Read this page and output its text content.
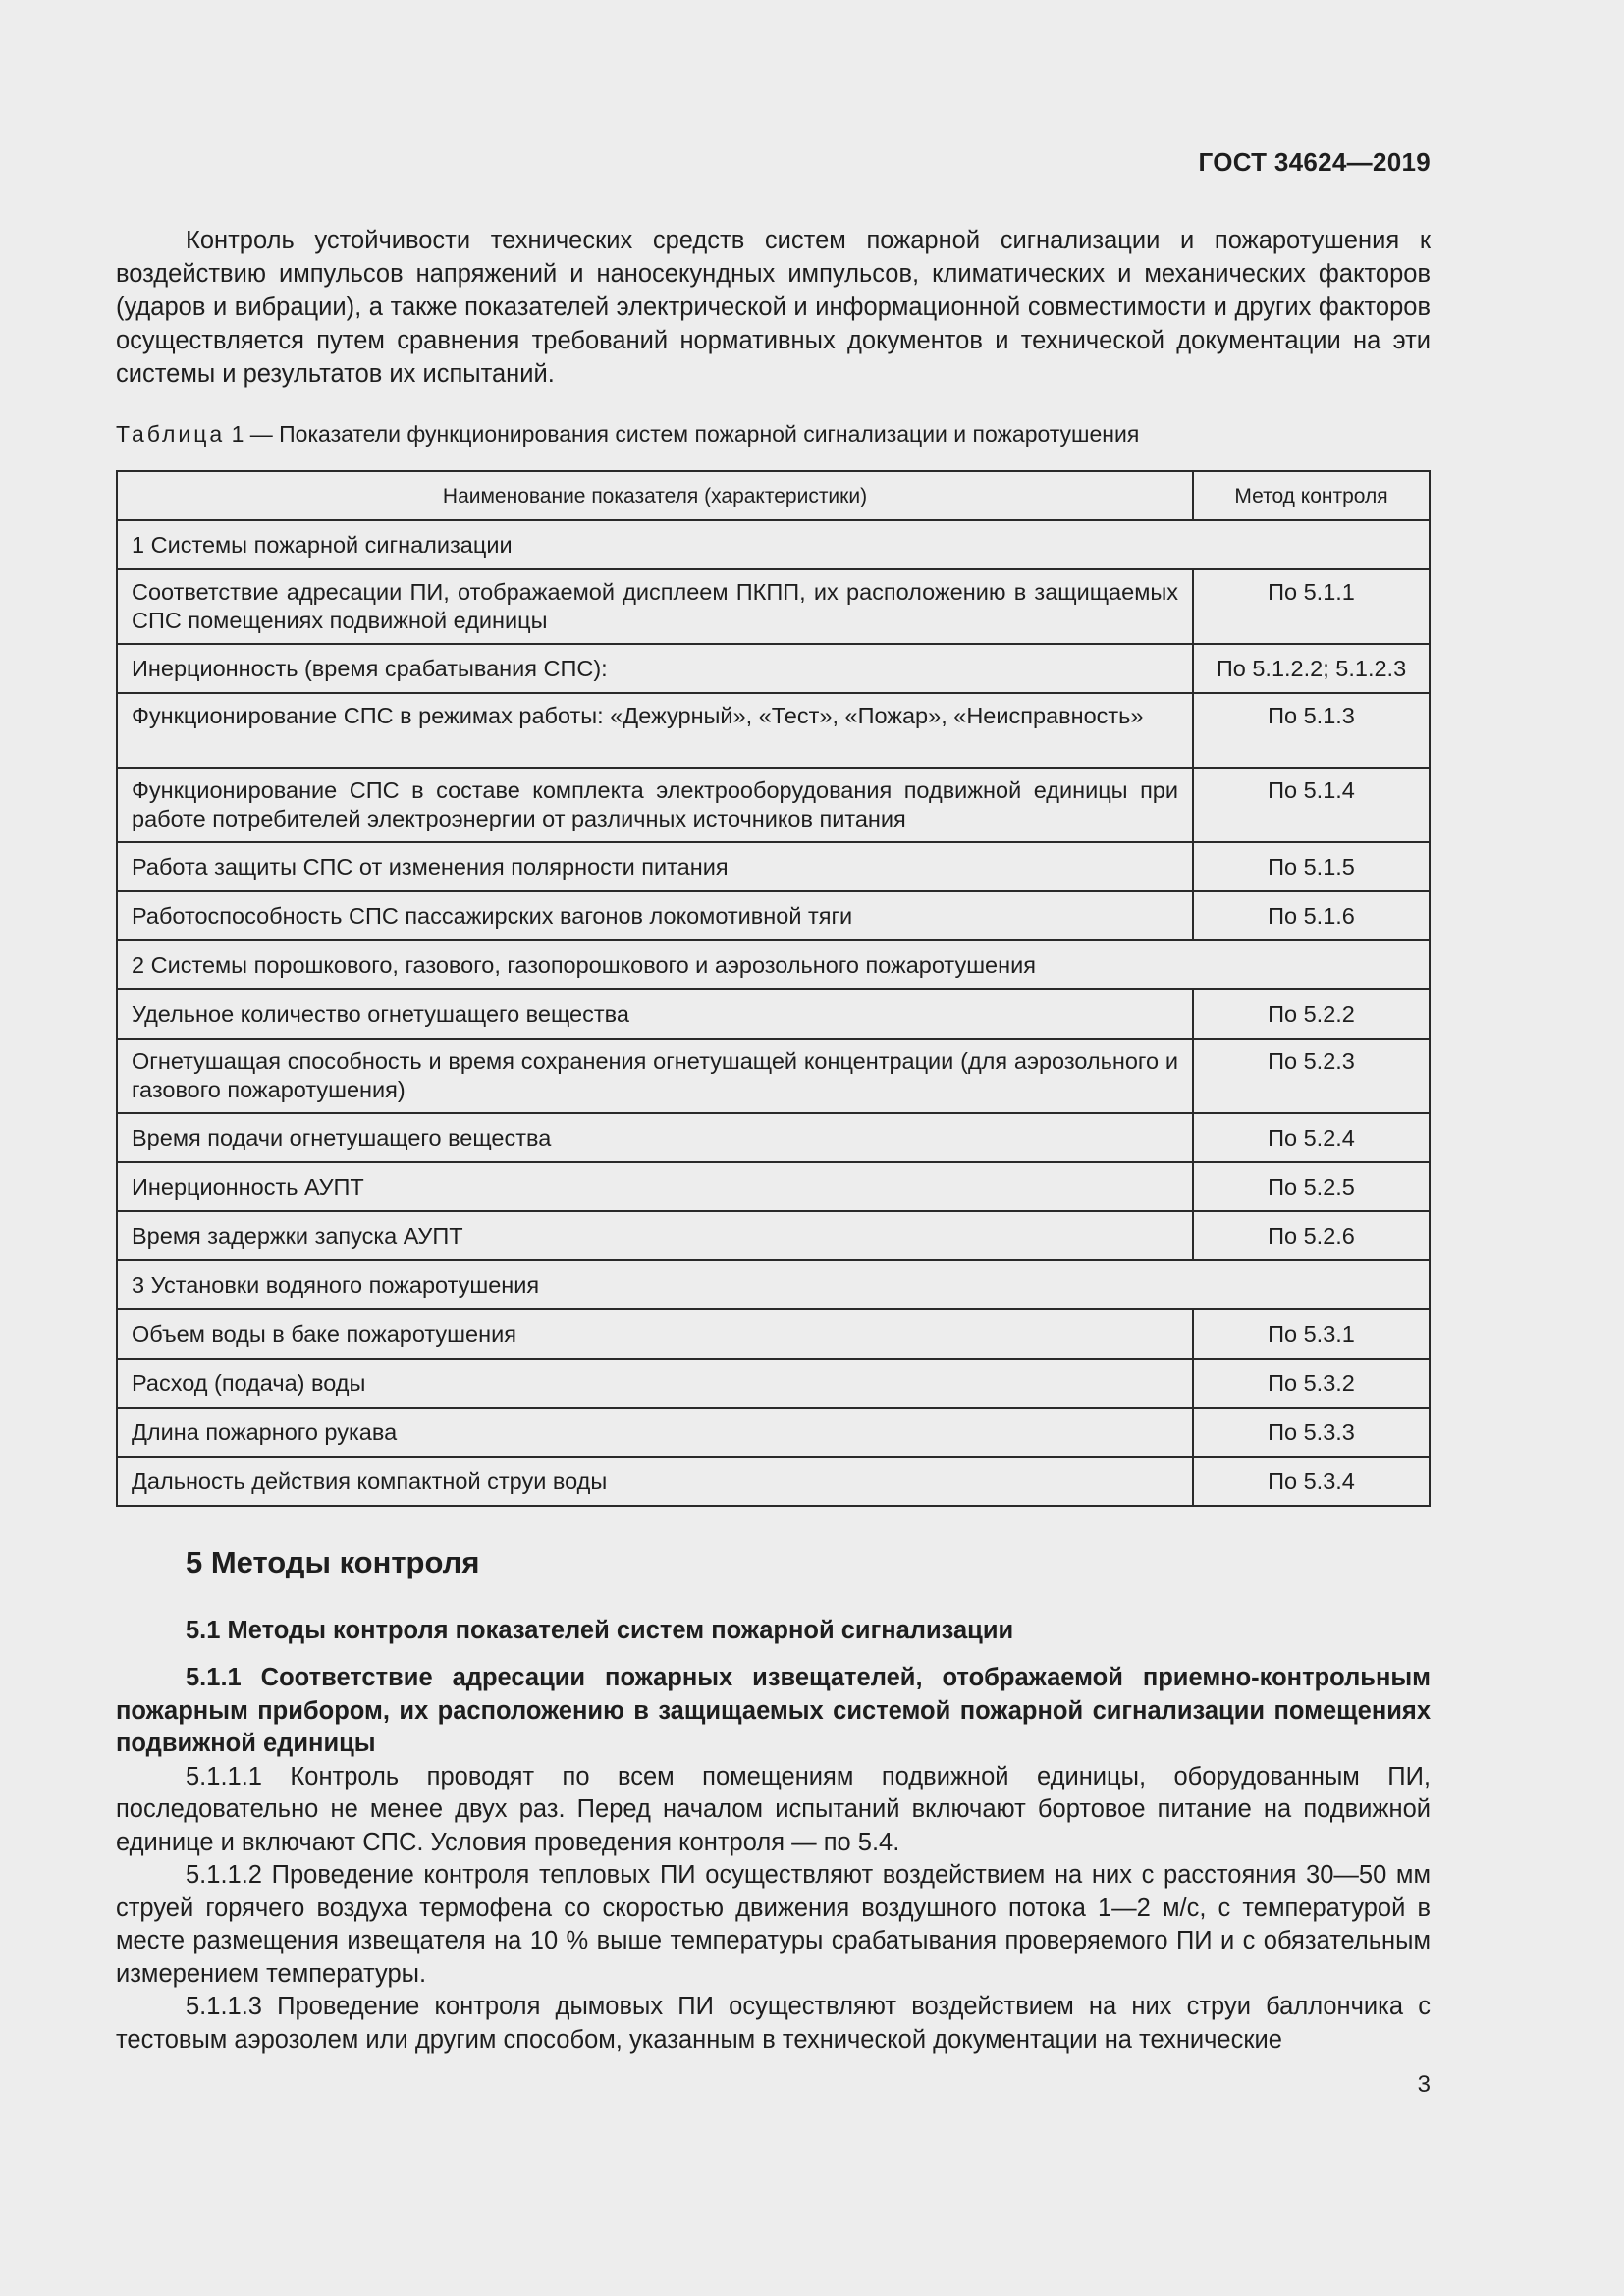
ГОСТ 34624—2019

Контроль устойчивости технических средств систем пожарной сигнализации и пожаротушения к воздействию импульсов напряжений и наносекундных импульсов, климатических и механических факторов (ударов и вибрации), а также показателей электрической и информационной совместимости и других факторов осуществляется путем сравнения требований нормативных документов и технической документации на эти системы и результатов их испытаний.

Таблица 1 — Показатели функционирования систем пожарной сигнализации и пожаротушения
Наименование показателя (характеристики)	Метод контроля
1 Системы пожарной сигнализации	
Соответствие адресации ПИ, отображаемой дисплеем ПКПП, их расположению в защищаемых СПС помещениях подвижной единицы	По 5.1.1
Инерционность (время срабатывания СПС):	По 5.1.2.2; 5.1.2.3
Функционирование СПС в режимах работы: «Дежурный», «Тест», «Пожар», «Неисправность»	По 5.1.3
Функционирование СПС в составе комплекта электрооборудования подвижной единицы при работе потребителей электроэнергии от различных источников питания	По 5.1.4
Работа защиты СПС от изменения полярности питания	По 5.1.5
Работоспособность СПС пассажирских вагонов локомотивной тяги	По 5.1.6
2 Системы порошкового, газового, газопорошкового и аэрозольного пожаротушения	
Удельное количество огнетушащего вещества	По 5.2.2
Огнетушащая способность и время сохранения огнетушащей концентрации (для аэрозольного и газового пожаротушения)	По 5.2.3
Время подачи огнетушащего вещества	По 5.2.4
Инерционность АУПТ	По 5.2.5
Время задержки запуска АУПТ	По 5.2.6
3 Установки водяного пожаротушения	
Объем воды в баке пожаротушения	По 5.3.1
Расход (подача) воды	По 5.3.2
Длина пожарного рукава	По 5.3.3
Дальность действия компактной струи воды	По 5.3.4
5 Методы контроля
5.1 Методы контроля показателей систем пожарной сигнализации

5.1.1 Соответствие адресации пожарных извещателей, отображаемой приемно-контрольным пожарным прибором, их расположению в защищаемых системой пожарной сигнализации помещениях подвижной единицы

5.1.1.1 Контроль проводят по всем помещениям подвижной единицы, оборудованным ПИ, последовательно не менее двух раз. Перед началом испытаний включают бортовое питание на подвижной единице и включают СПС. Условия проведения контроля — по 5.4.

5.1.1.2 Проведение контроля тепловых ПИ осуществляют воздействием на них с расстояния 30—50 мм струей горячего воздуха термофена со скоростью движения воздушного потока 1—2 м/с, с температурой в месте размещения извещателя на 10 % выше температуры срабатывания проверяемого ПИ и с обязательным измерением температуры.

5.1.1.3 Проведение контроля дымовых ПИ осуществляют воздействием на них струи баллончика с тестовым аэрозолем или другим способом, указанным в технической документации на технические

3
